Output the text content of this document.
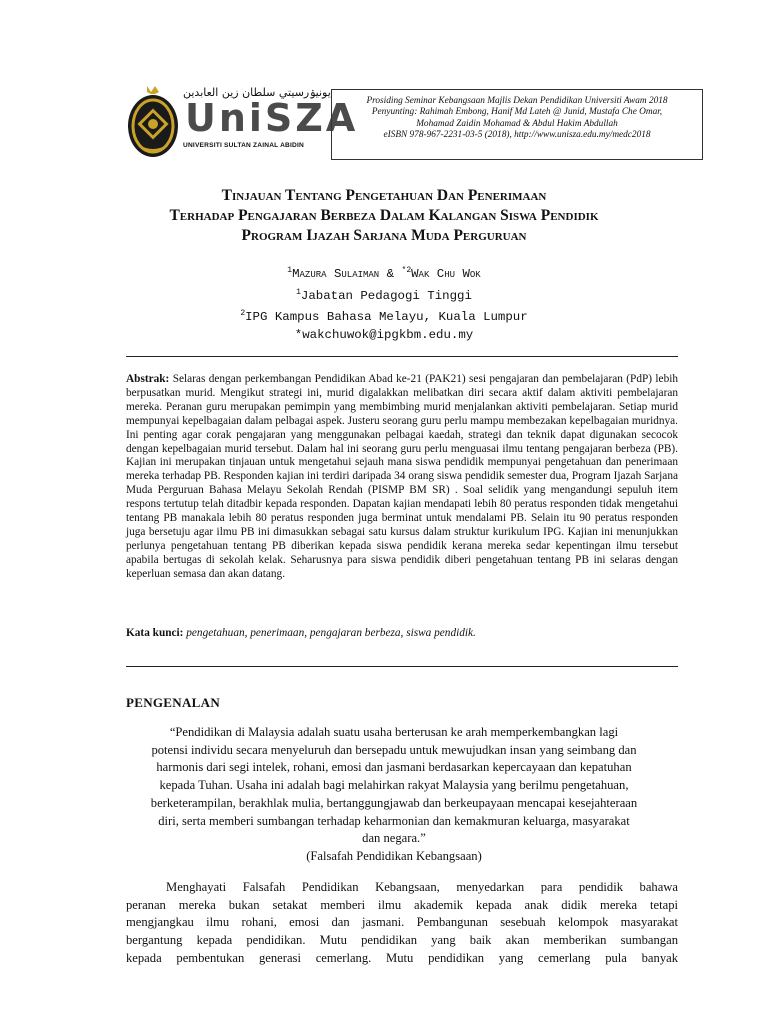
يونيۏرسيتي سلطان زين العابدين
UniSZA
UNIVERSITI SULTAN ZAINAL ABIDIN
Prosiding Seminar Kebangsaan Majlis Dekan Pendidikan Universiti Awam 2018
Penyunting: Rahimah Embong, Hanif Md Lateh @ Junid, Mustafa Che Omar,
Mohamad Zaidin Mohamad & Abdul Hakim Abdullah
eISBN 978-967-2231-03-5 (2018), http://www.unisza.edu.my/medc2018
Tinjauan Tentang Pengetahuan Dan Penerimaan
Terhadap Pengajaran Berbeza Dalam Kalangan Siswa Pendidik
Program Ijazah Sarjana Muda Perguruan
$^1$Mazura Sulaiman & $^{*2}$Wak Chu Wok
$^1$Jabatan Pedagogi Tinggi
$^2$IPG Kampus Bahasa Melayu, Kuala Lumpur
*wakchuwok@ipgkbm.edu.my
Abstrak: Selaras dengan perkembangan Pendidikan Abad ke-21 (PAK21) sesi pengajaran dan pembelajaran (PdP) lebih berpusatkan murid. Mengikut strategi ini, murid digalakkan melibatkan diri secara aktif dalam aktiviti pembelajaran mereka. Peranan guru merupakan pemimpin yang membimbing murid menjalankan aktiviti pembelajaran. Setiap murid mempunyai kepelbagaian dalam pelbagai aspek. Justeru seorang guru perlu mampu membezakan kepelbagaian muridnya. Ini penting agar corak pengajaran yang menggunakan pelbagai kaedah, strategi dan teknik dapat digunakan secocok dengan kepelbagaian murid tersebut. Dalam hal ini seorang guru perlu menguasai ilmu tentang pengajaran berbeza (PB). Kajian ini merupakan tinjauan untuk mengetahui sejauh mana siswa pendidik mempunyai pengetahuan dan penerimaan mereka terhadap PB. Responden kajian ini terdiri daripada 34 orang siswa pendidik semester dua, Program Ijazah Sarjana Muda Perguruan Bahasa Melayu Sekolah Rendah (PISMP BM SR) . Soal selidik yang mengandungi sepuluh item respons tertutup telah ditadbir kepada responden. Dapatan kajian mendapati lebih 80 peratus responden tidak mengetahui tentang PB manakala lebih 80 peratus responden juga berminat untuk mendalami PB. Selain itu 90 peratus responden juga bersetuju agar ilmu PB ini dimasukkan sebagai satu kursus dalam struktur kurikulum IPG. Kajian ini menunjukkan perlunya pengetahuan tentang PB diberikan kepada siswa pendidik kerana mereka sedar kepentingan ilmu tersebut apabila bertugas di sekolah kelak. Seharusnya para siswa pendidik diberi pengetahuan tentang PB ini selaras dengan keperluan semasa dan akan datang.
Kata kunci: pengetahuan, penerimaan, pengajaran berbeza, siswa pendidik.
PENGENALAN
“Pendidikan di Malaysia adalah suatu usaha berterusan ke arah memperkembangkan lagi
potensi individu secara menyeluruh dan bersepadu untuk mewujudkan insan yang seimbang dan
harmonis dari segi intelek, rohani, emosi dan jasmani berdasarkan kepercayaan dan kepatuhan
kepada Tuhan. Usaha ini adalah bagi melahirkan rakyat Malaysia yang berilmu pengetahuan,
berketerampilan, berakhlak mulia, bertanggungjawab dan berkeupayaan mencapai kesejahteraan
diri, serta memberi sumbangan terhadap keharmonian dan kemakmuran keluarga, masyarakat
dan negara.”
(Falsafah Pendidikan Kebangsaan)
Menghayati Falsafah Pendidikan Kebangsaan, menyedarkan para pendidik bahawa
peranan mereka bukan setakat memberi ilmu akademik kepada anak didik mereka tetapi
mengjangkau ilmu rohani, emosi dan jasmani. Pembangunan sesebuah kelompok masyarakat
bergantung kepada pendidikan. Mutu pendidikan yang baik akan memberikan sumbangan
kepada pembentukan generasi cemerlang. Mutu pendidikan yang cemerlang pula banyak
